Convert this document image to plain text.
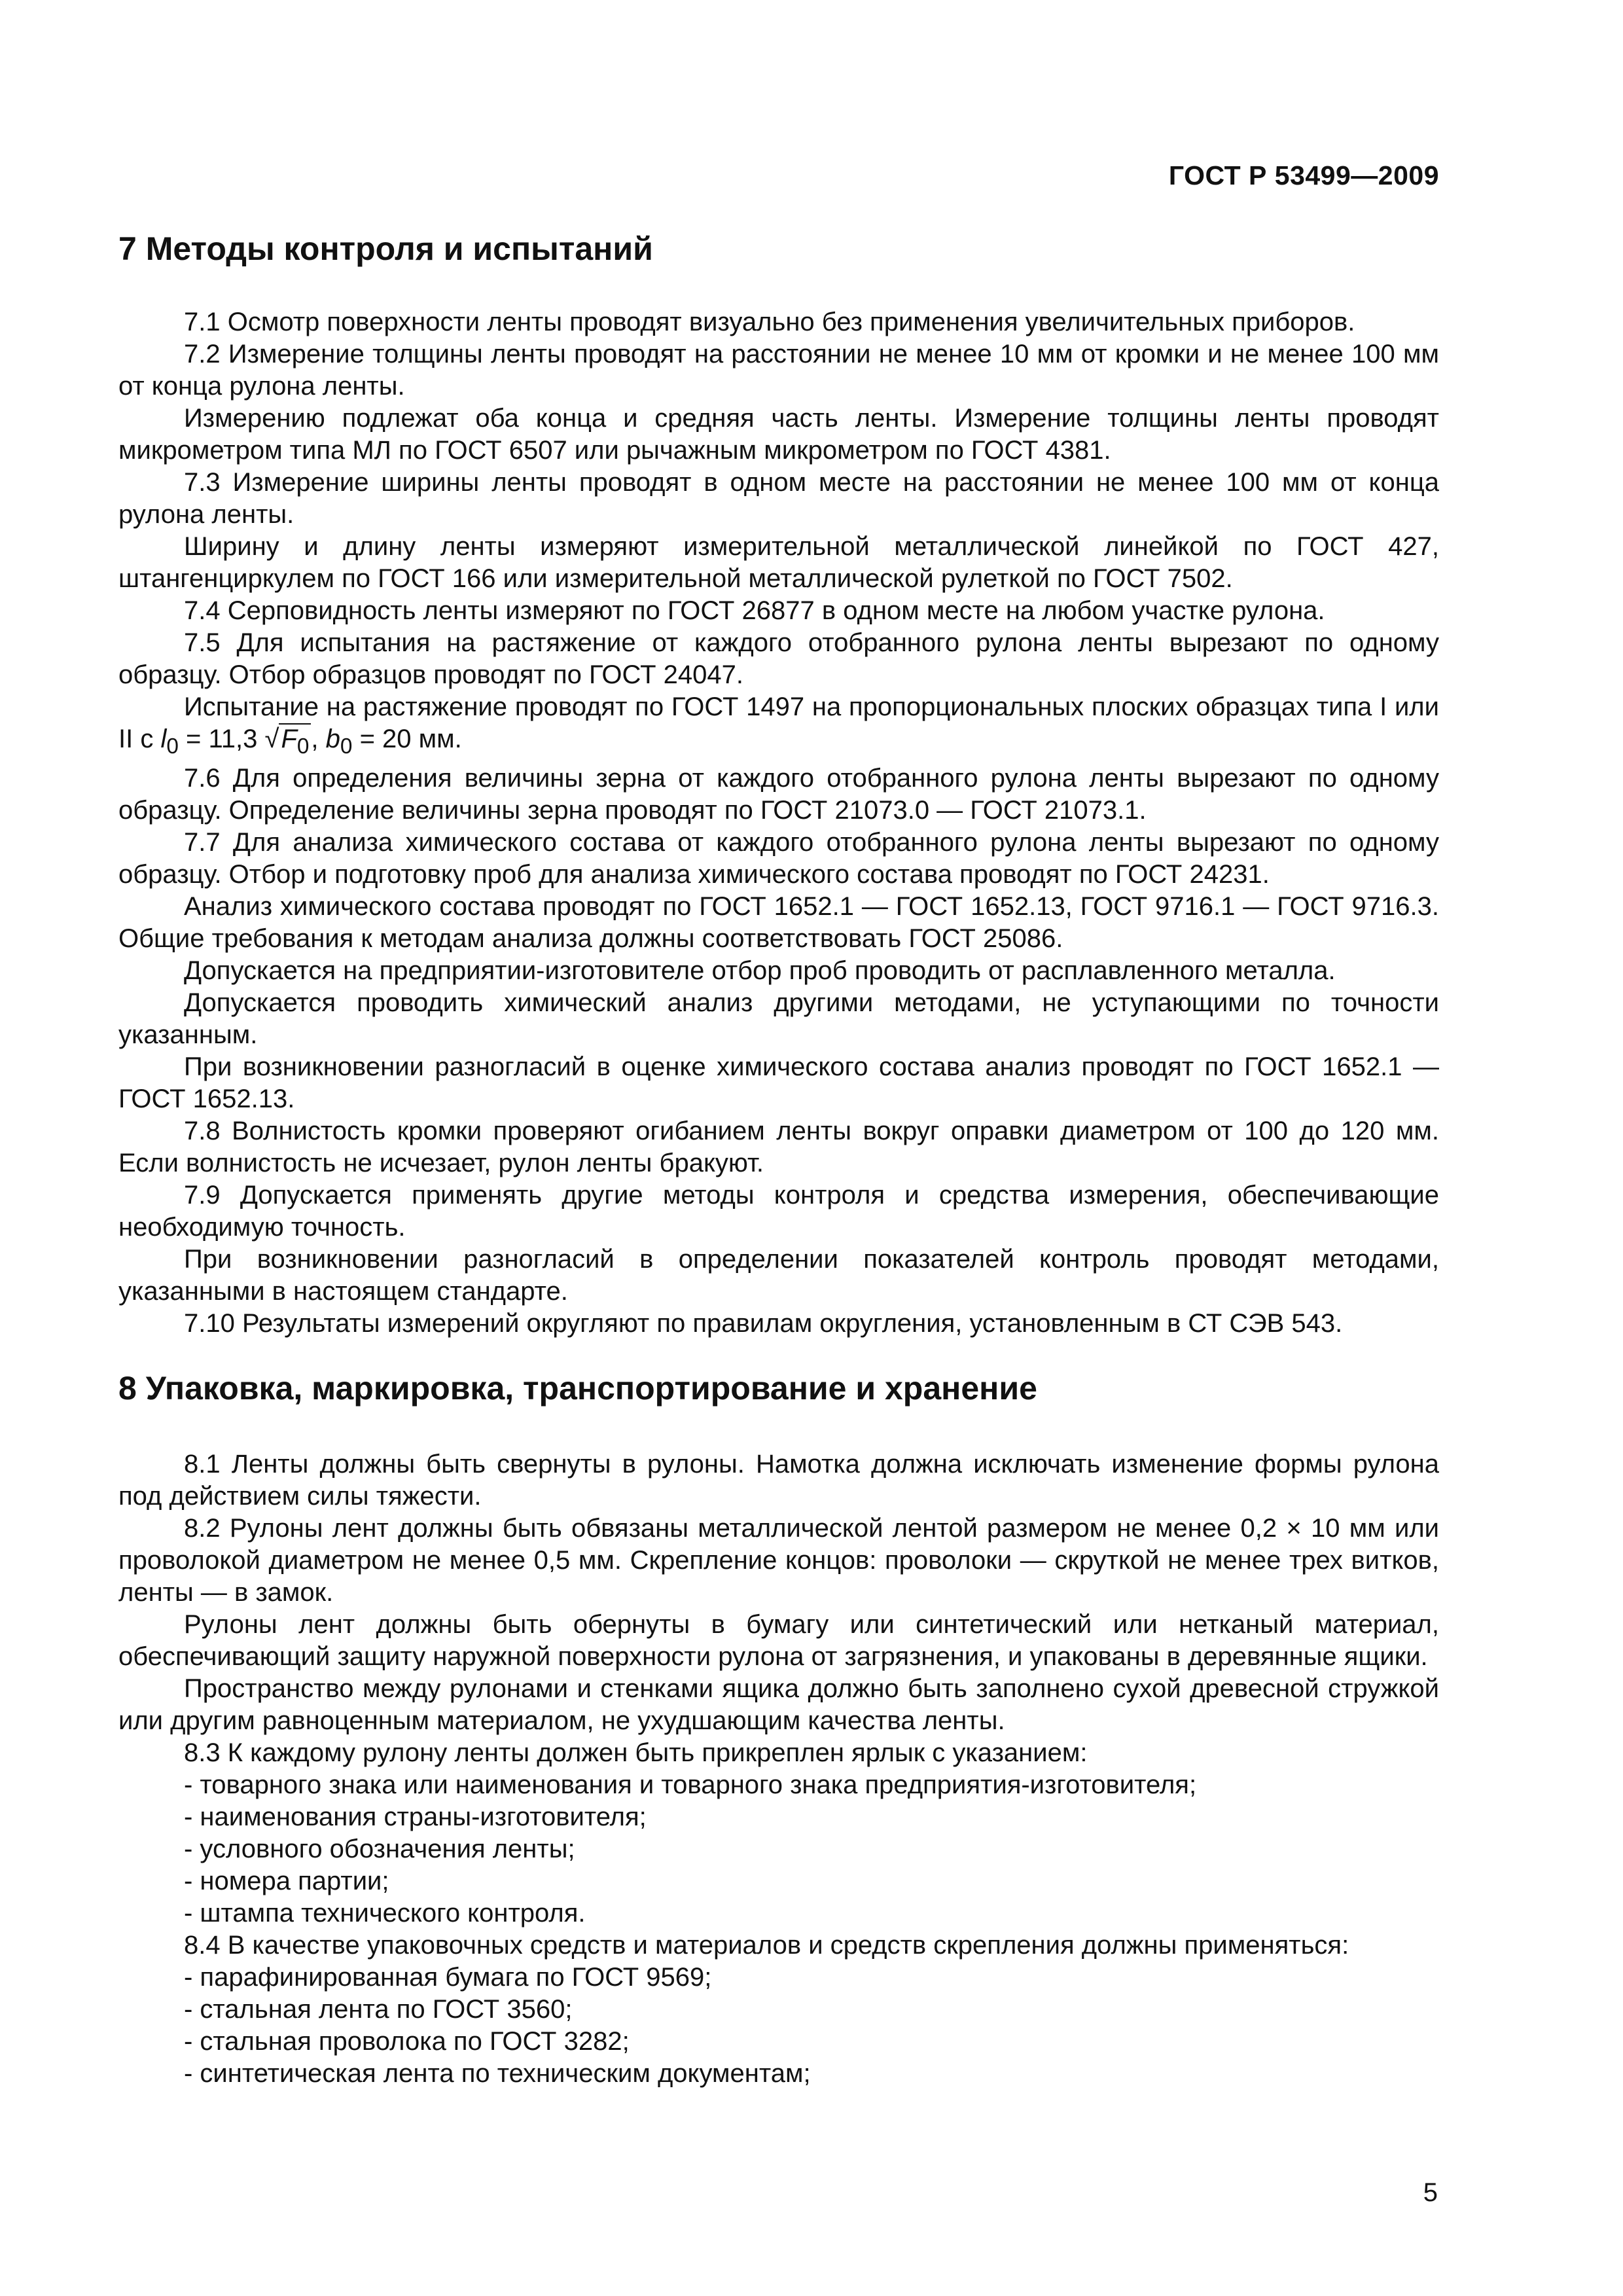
ГОСТ Р 53499—2009
7 Методы контроля и испытаний

7.1 Осмотр поверхности ленты проводят визуально без применения увеличительных приборов.

7.2 Измерение толщины ленты проводят на расстоянии не менее 10 мм от кромки и не менее 100 мм от конца рулона ленты.

Измерению подлежат оба конца и средняя часть ленты. Измерение толщины ленты проводят микрометром типа МЛ по ГОСТ 6507 или рычажным микрометром по ГОСТ 4381.

7.3 Измерение ширины ленты проводят в одном месте на расстоянии не менее 100 мм от конца рулона ленты.

Ширину и длину ленты измеряют измерительной металлической линейкой по ГОСТ 427, штангенциркулем по ГОСТ 166 или измерительной металлической рулеткой по ГОСТ 7502.

7.4 Серповидность ленты измеряют по ГОСТ 26877 в одном месте на любом участке рулона.

7.5 Для испытания на растяжение от каждого отобранного рулона ленты вырезают по одному образцу. Отбор образцов проводят по ГОСТ 24047.

Испытание на растяжение проводят по ГОСТ 1497 на пропорциональных плоских образцах типа I или II с $l_0 = 11,3$ $√F_0$, $b_0 = 20$ мм.

7.6 Для определения величины зерна от каждого отобранного рулона ленты вырезают по одному образцу. Определение величины зерна проводят по ГОСТ 21073.0 — ГОСТ 21073.1.

7.7 Для анализа химического состава от каждого отобранного рулона ленты вырезают по одному образцу. Отбор и подготовку проб для анализа химического состава проводят по ГОСТ 24231.

Анализ химического состава проводят по ГОСТ 1652.1 — ГОСТ 1652.13, ГОСТ 9716.1 — ГОСТ 9716.3. Общие требования к методам анализа должны соответствовать ГОСТ 25086.

Допускается на предприятии-изготовителе отбор проб проводить от расплавленного металла.

Допускается проводить химический анализ другими методами, не уступающими по точности указанным.

При возникновении разногласий в оценке химического состава анализ проводят по ГОСТ 1652.1 — ГОСТ 1652.13.

7.8 Волнистость кромки проверяют огибанием ленты вокруг оправки диаметром от 100 до 120 мм. Если волнистость не исчезает, рулон ленты бракуют.

7.9 Допускается применять другие методы контроля и средства измерения, обеспечивающие необходимую точность.

При возникновении разногласий в определении показателей контроль проводят методами, указанными в настоящем стандарте.

7.10 Результаты измерений округляют по правилам округления, установленным в СТ СЭВ 543.

8 Упаковка, маркировка, транспортирование и хранение

8.1 Ленты должны быть свернуты в рулоны. Намотка должна исключать изменение формы рулона под действием силы тяжести.

8.2 Рулоны лент должны быть обвязаны металлической лентой размером не менее 0,2 × 10 мм или проволокой диаметром не менее 0,5 мм. Скрепление концов: проволоки — скруткой не менее трех витков, ленты — в замок.

Рулоны лент должны быть обернуты в бумагу или синтетический или нетканый материал, обеспечивающий защиту наружной поверхности рулона от загрязнения, и упакованы в деревянные ящики.

Пространство между рулонами и стенками ящика должно быть заполнено сухой древесной стружкой или другим равноценным материалом, не ухудшающим качества ленты.

8.3 К каждому рулону ленты должен быть прикреплен ярлык с указанием:

- товарного знака или наименования и товарного знака предприятия-изготовителя;

- наименования страны-изготовителя;

- условного обозначения ленты;

- номера партии;

- штампа технического контроля.

8.4 В качестве упаковочных средств и материалов и средств скрепления должны применяться:

- парафинированная бумага по ГОСТ 9569;

- стальная лента по ГОСТ 3560;

- стальная проволока по ГОСТ 3282;

- синтетическая лента по техническим документам;

5
